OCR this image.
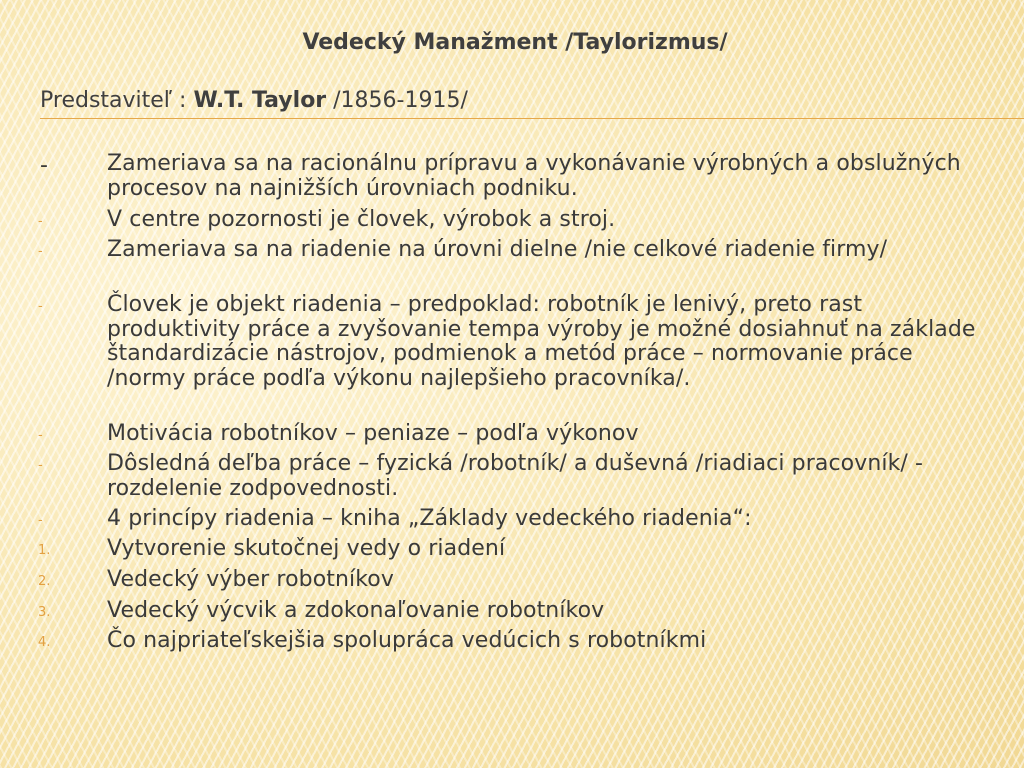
Vedecký Manažment /Taylorizmus/
Predstaviteľ : W.T. Taylor /1856-1915/
-	Zameriava sa na racionálnu prípravu a vykonávanie výrobných a obslužných procesov na najnižších úrovniach podniku.
-	V centre pozornosti je človek, výrobok a stroj.
-	Zameriava sa na riadenie na úrovni dielne /nie celkové riadenie firmy/
-	Človek je objekt riadenia – predpoklad: robotník je lenivý, preto rast produktivity práce a zvyšovanie tempa výroby je možné dosiahnuť na základe štandardizácie nástrojov, podmienok a metód práce – normovanie práce /normy práce podľa výkonu najlepšieho pracovníka/.
-	Motivácia robotníkov – peniaze – podľa výkonov
-	Dôsledná deľba práce – fyzická /robotník/ a duševná /riadiaci pracovník/ - rozdelenie zodpovednosti.
-	4 princípy riadenia – kniha „Základy vedeckého riadenia“:
1.	Vytvorenie skutočnej vedy o riadení
2.	Vedecký výber robotníkov
3.	Vedecký výcvik a zdokonaľovanie robotníkov
4.	Čo najpriateľskejšia spolupráca vedúcich s robotníkmi
